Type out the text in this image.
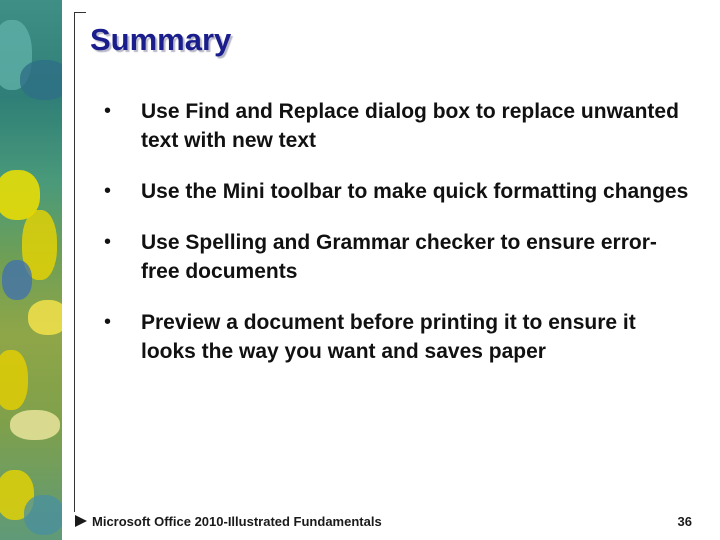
Summary
• Use Find and Replace dialog box to replace unwanted text with new text
• Use the Mini toolbar to make quick formatting changes
• Use Spelling and Grammar checker to ensure error-free documents
• Preview a document before printing it to ensure it looks the way you want and saves paper
Microsoft Office 2010-Illustrated Fundamentals	36
